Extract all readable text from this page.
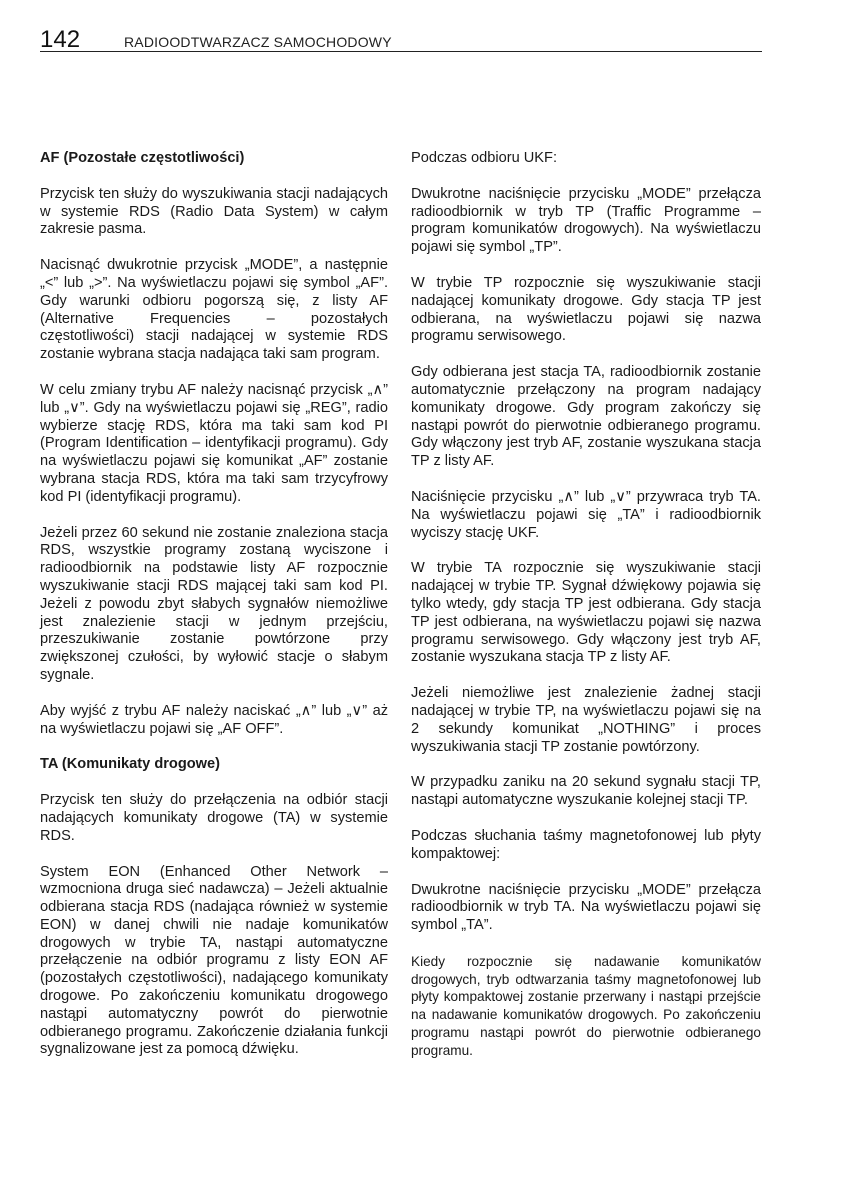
142	RADIOODTWARZACZ SAMOCHODOWY

AF (Pozostałe częstotliwości)

Przycisk ten służy do wyszukiwania stacji nadających w systemie RDS (Radio Data System) w całym zakresie pasma.

Nacisnąć dwukrotnie przycisk „MODE”, a następnie „<” lub „>”. Na wyświetlaczu pojawi się symbol „AF”. Gdy warunki odbioru pogorszą się, z listy AF (Alternative Frequencies – pozostałych częstotliwości) stacji nadającej w systemie RDS zostanie wybrana stacja nadająca taki sam program.

W celu zmiany trybu AF należy nacisnąć przycisk „∧” lub „∨”. Gdy na wyświetlaczu pojawi się „REG”, radio wybierze stację RDS, która ma taki sam kod PI (Program Identification – identyfikacji programu). Gdy na wyświetlaczu pojawi się komunikat „AF” zostanie wybrana stacja RDS, która ma taki sam trzycyfrowy kod PI (identyfikacji programu).

Jeżeli przez 60 sekund nie zostanie znaleziona stacja RDS, wszystkie programy zostaną wyciszone i radioodbiornik na podstawie listy AF rozpocznie wyszukiwanie stacji RDS mającej taki sam kod PI. Jeżeli z powodu zbyt słabych sygnałów niemożliwe jest znalezienie stacji w jednym przejściu, przeszukiwanie zostanie powtórzone przy zwiększonej czułości, by wyłowić stacje o słabym sygnale.

Aby wyjść z trybu AF należy naciskać „∧” lub „∨” aż na wyświetlaczu pojawi się „AF OFF”.

TA (Komunikaty drogowe)

Przycisk ten służy do przełączenia na odbiór stacji nadających komunikaty drogowe (TA) w systemie RDS.

System EON (Enhanced Other Network – wzmocniona druga sieć nadawcza) – Jeżeli aktualnie odbierana stacja RDS (nadająca również w systemie EON) w danej chwili nie nadaje komunikatów drogowych w trybie TA, nastąpi automatyczne przełączenie na odbiór programu z listy EON AF (pozostałych częstotliwości), nadającego komunikaty drogowe. Po zakończeniu komunikatu drogowego nastąpi automatyczny powrót do pierwotnie odbieranego programu. Zakończenie działania funkcji sygnalizowane jest za pomocą dźwięku.

Podczas odbioru UKF:

Dwukrotne naciśnięcie przycisku „MODE” przełącza radioodbiornik w tryb TP (Traffic Programme – program komunikatów drogowych). Na wyświetlaczu pojawi się symbol „TP”.

W trybie TP rozpocznie się wyszukiwanie stacji nadającej komunikaty drogowe. Gdy stacja TP jest odbierana, na wyświetlaczu pojawi się nazwa programu serwisowego.

Gdy odbierana jest stacja TA, radioodbiornik zostanie automatycznie przełączony na program nadający komunikaty drogowe. Gdy program zakończy się nastąpi powrót do pierwotnie odbieranego programu. Gdy włączony jest tryb AF, zostanie wyszukana stacja TP z listy AF.

Naciśnięcie przycisku „∧” lub „∨” przywraca tryb TA. Na wyświetlaczu pojawi się „TA” i radioodbiornik wyciszy stację UKF.

W trybie TA rozpocznie się wyszukiwanie stacji nadającej w trybie TP. Sygnał dźwiękowy pojawia się tylko wtedy, gdy stacja TP jest odbierana. Gdy stacja TP jest odbierana, na wyświetlaczu pojawi się nazwa programu serwisowego. Gdy włączony jest tryb AF, zostanie wyszukana stacja TP z listy AF.

Jeżeli niemożliwe jest znalezienie żadnej stacji nadającej w trybie TP, na wyświetlaczu pojawi się na 2 sekundy komunikat „NOTHING” i proces wyszukiwania stacji TP zostanie powtórzony.

W przypadku zaniku na 20 sekund sygnału stacji TP, nastąpi automatyczne wyszukanie kolejnej stacji TP.

Podczas słuchania taśmy magnetofonowej lub płyty kompaktowej:

Dwukrotne naciśnięcie przycisku „MODE” przełącza radioodbiornik w tryb TA. Na wyświetlaczu pojawi się symbol „TA”.

Kiedy rozpocznie się nadawanie komunikatów drogowych, tryb odtwarzania taśmy magnetofonowej lub płyty kompaktowej zostanie przerwany i nastąpi przejście na nadawanie komunikatów drogowych. Po zakończeniu programu nastąpi powrót do pierwotnie odbieranego programu.
